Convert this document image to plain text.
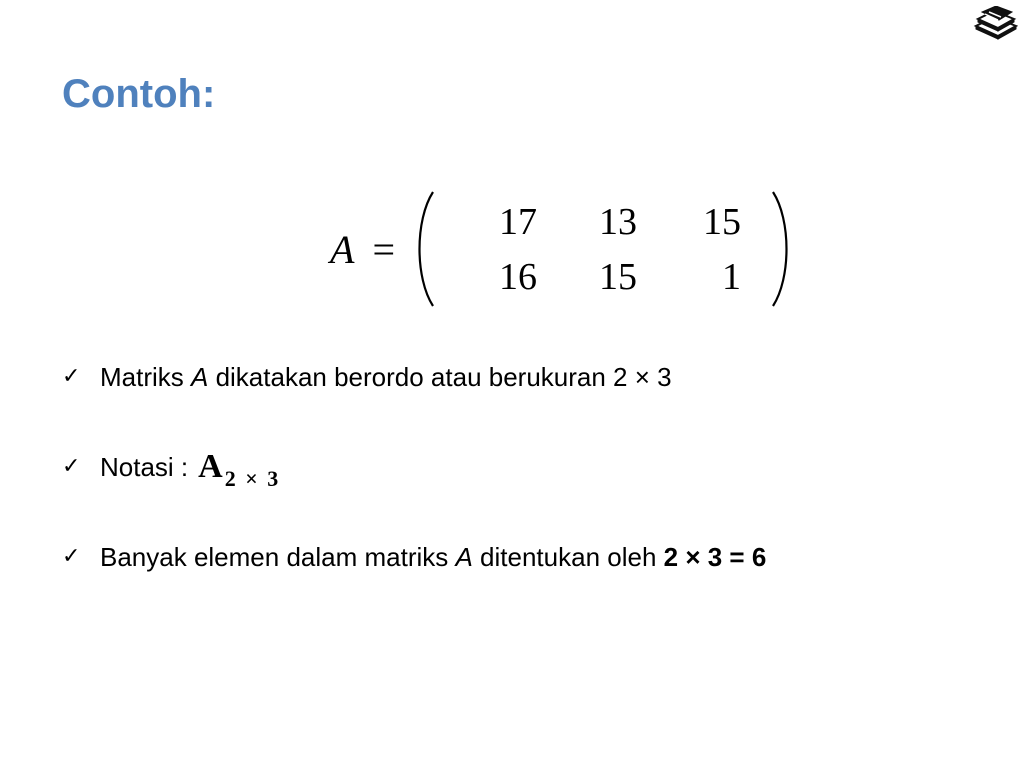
Contoh:
A =
17	13	15
16	15	1
✓ Matriks A dikatakan berordo atau berukuran 2 × 3
✓ Notasi : A 2 × 3
✓ Banyak elemen dalam matriks A ditentukan oleh 2 × 3 = 6
